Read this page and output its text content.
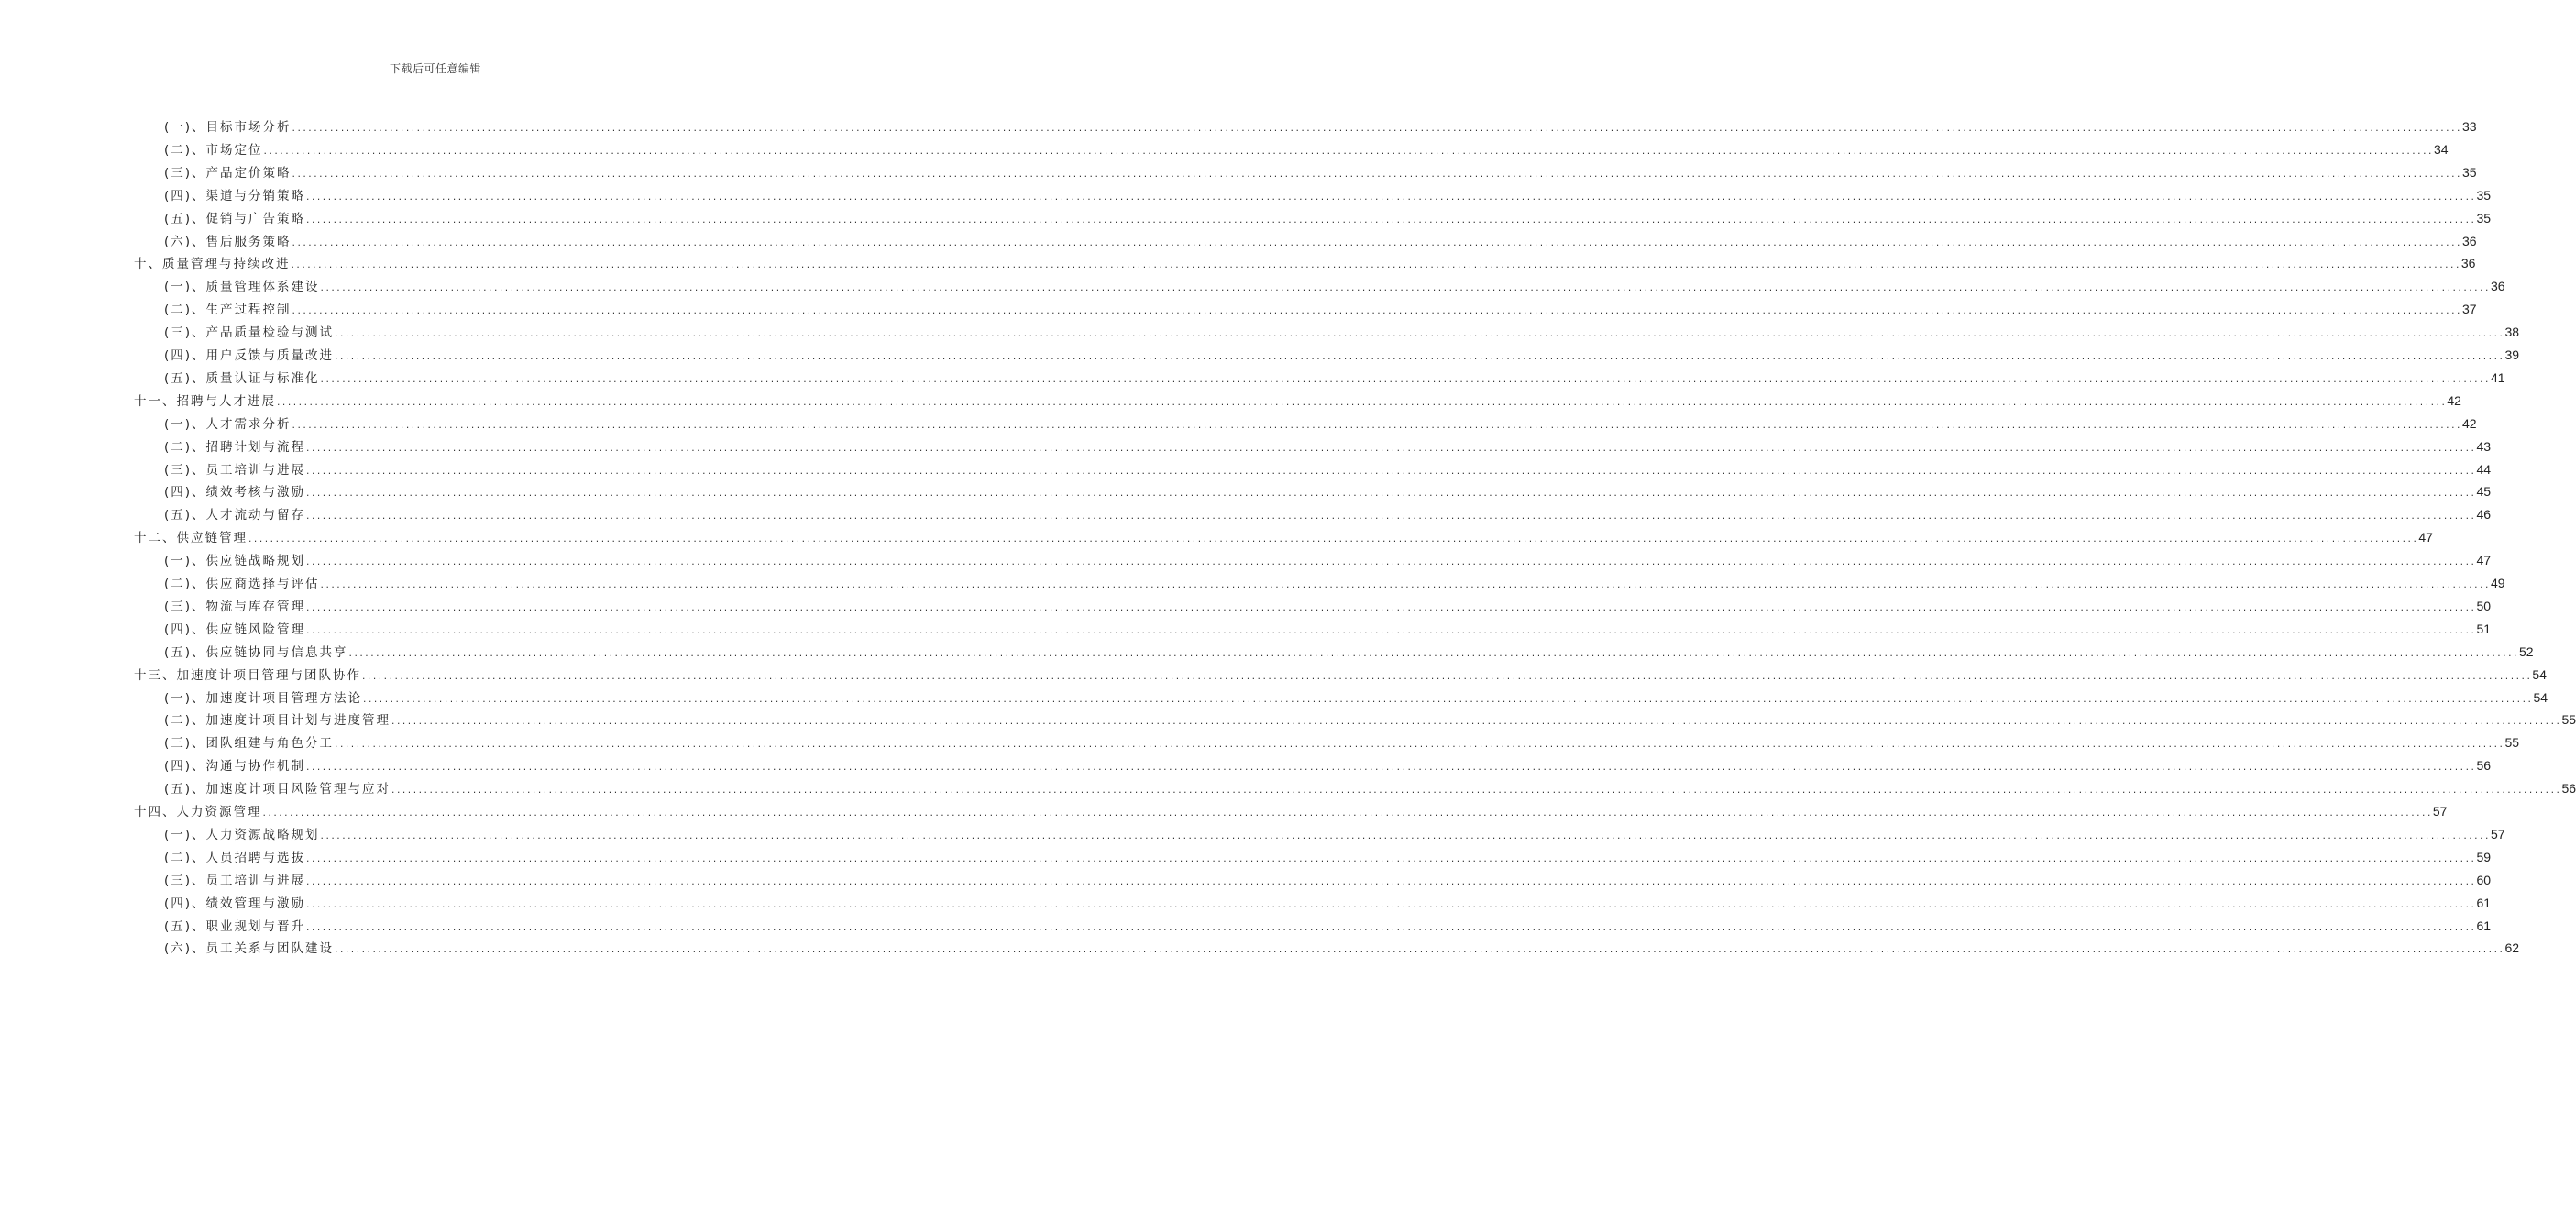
下载后可任意编辑
(一)、目标市场分析 ................................................................................................................................................................................................................................................................................................................................................................................................................ 33
(二)、市场定位 ................................................................................................................................................................................................................................................................................................................................................................................................................ 34
(三)、产品定价策略 ................................................................................................................................................................................................................................................................................................................................................................................................................ 35
(四)、渠道与分销策略 ................................................................................................................................................................................................................................................................................................................................................................................................................ 35
(五)、促销与广告策略 ................................................................................................................................................................................................................................................................................................................................................................................................................ 35
(六)、售后服务策略 ................................................................................................................................................................................................................................................................................................................................................................................................................ 36
十、质量管理与持续改进 ................................................................................................................................................................................................................................................................................................................................................................................................................ 36
(一)、质量管理体系建设 ................................................................................................................................................................................................................................................................................................................................................................................................................ 36
(二)、生产过程控制 ................................................................................................................................................................................................................................................................................................................................................................................................................ 37
(三)、产品质量检验与测试 ................................................................................................................................................................................................................................................................................................................................................................................................................ 38
(四)、用户反馈与质量改进 ................................................................................................................................................................................................................................................................................................................................................................................................................ 39
(五)、质量认证与标准化 ................................................................................................................................................................................................................................................................................................................................................................................................................ 41
十一、招聘与人才进展 ................................................................................................................................................................................................................................................................................................................................................................................................................ 42
(一)、人才需求分析 ................................................................................................................................................................................................................................................................................................................................................................................................................ 42
(二)、招聘计划与流程 ................................................................................................................................................................................................................................................................................................................................................................................................................ 43
(三)、员工培训与进展 ................................................................................................................................................................................................................................................................................................................................................................................................................ 44
(四)、绩效考核与激励 ................................................................................................................................................................................................................................................................................................................................................................................................................ 45
(五)、人才流动与留存 ................................................................................................................................................................................................................................................................................................................................................................................................................ 46
十二、供应链管理 ................................................................................................................................................................................................................................................................................................................................................................................................................ 47
(一)、供应链战略规划 ................................................................................................................................................................................................................................................................................................................................................................................................................ 47
(二)、供应商选择与评估 ................................................................................................................................................................................................................................................................................................................................................................................................................ 49
(三)、物流与库存管理 ................................................................................................................................................................................................................................................................................................................................................................................................................ 50
(四)、供应链风险管理 ................................................................................................................................................................................................................................................................................................................................................................................................................ 51
(五)、供应链协同与信息共享 ................................................................................................................................................................................................................................................................................................................................................................................................................ 52
十三、加速度计项目管理与团队协作 ................................................................................................................................................................................................................................................................................................................................................................................................................ 54
(一)、加速度计项目管理方法论 ................................................................................................................................................................................................................................................................................................................................................................................................................ 54
(二)、加速度计项目计划与进度管理 ................................................................................................................................................................................................................................................................................................................................................................................................................ 55
(三)、团队组建与角色分工 ................................................................................................................................................................................................................................................................................................................................................................................................................ 55
(四)、沟通与协作机制 ................................................................................................................................................................................................................................................................................................................................................................................................................ 56
(五)、加速度计项目风险管理与应对 ................................................................................................................................................................................................................................................................................................................................................................................................................ 56
十四、人力资源管理 ................................................................................................................................................................................................................................................................................................................................................................................................................ 57
(一)、人力资源战略规划 ................................................................................................................................................................................................................................................................................................................................................................................................................ 57
(二)、人员招聘与选拔 ................................................................................................................................................................................................................................................................................................................................................................................................................ 59
(三)、员工培训与进展 ................................................................................................................................................................................................................................................................................................................................................................................................................ 60
(四)、绩效管理与激励 ................................................................................................................................................................................................................................................................................................................................................................................................................ 61
(五)、职业规划与晋升 ................................................................................................................................................................................................................................................................................................................................................................................................................ 61
(六)、员工关系与团队建设 ................................................................................................................................................................................................................................................................................................................................................................................................................ 62
